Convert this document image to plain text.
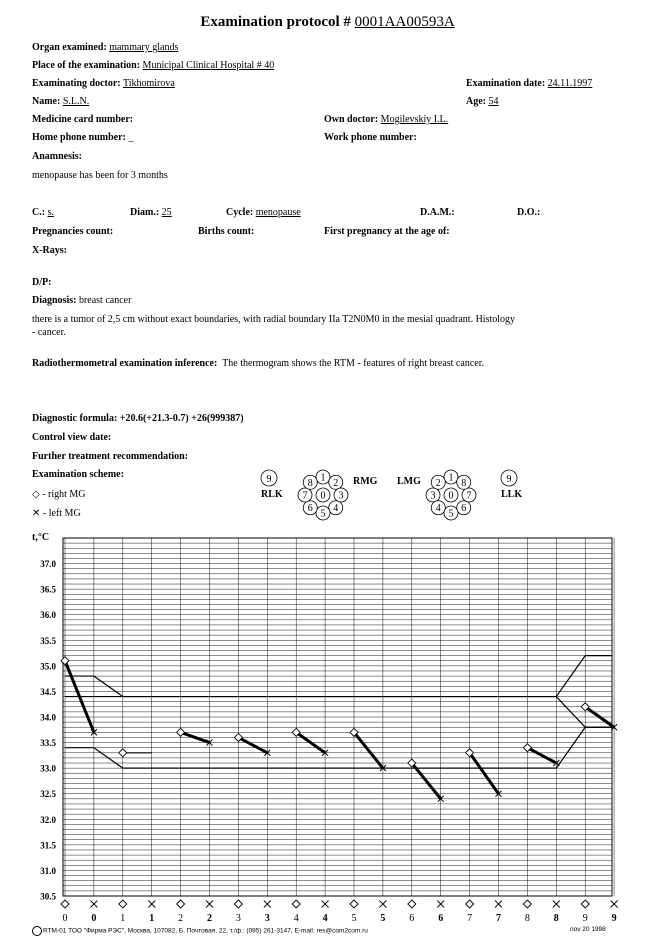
Examination protocol # 0001AA00593A
Organ examined: mammary glands
Place of the examination: Municipal Clinical Hospital # 40
Examinating doctor: Tikhomirova	Examination date: 24.11.1997
Name: S.L.N.	Age: 54
Medicine card number:	Own doctor: Mogilevskiy I.L.
Home phone number: _	Work phone number:
Anamnesis:
menopause has been for 3 months
C.: s.	Diam.: 25	Cycle: menopause	D.A.M.:	D.O.:
Pregnancies count:	Births count:	First pregnancy at the age of:
X-Rays:
D/P:
Diagnosis: breast cancer
there is a tumor of 2,5 cm without exact boundaries, with radial boundary IIa T2N0M0 in the mesial quadrant. Histology
- cancer.
Radiothermometral examination inference: The thermogram shows the RTM - features of right breast cancer.
Diagnostic formula: +20.6(+21.3-0.7) +26(999387)
Control view date:
Further treatment recommendation:
Examination scheme:
◇ - right MG
✕ - left MG
9	9
RLK	LLK
RMG LMG
1 2
3
4
5
6
7
8
0
1
2
3
4 5 6
7
8
0
t,°C
37.0
36.5
36.0
35.5
35.0
34.5
34.0
33.5
33.0
32.5
32.0
31.5
31.0
30.5
0 0 1 1 2 2 3 3 4 4 5 5 6 6 7 7 8 8 9 9
RTM-01 ТОО "Фирма РЭС", Москва, 107082, Б. Почтовая, 22, т./ф.: (095) 261-3147, E-mail: res@com2com.ru	nov 20 1998
